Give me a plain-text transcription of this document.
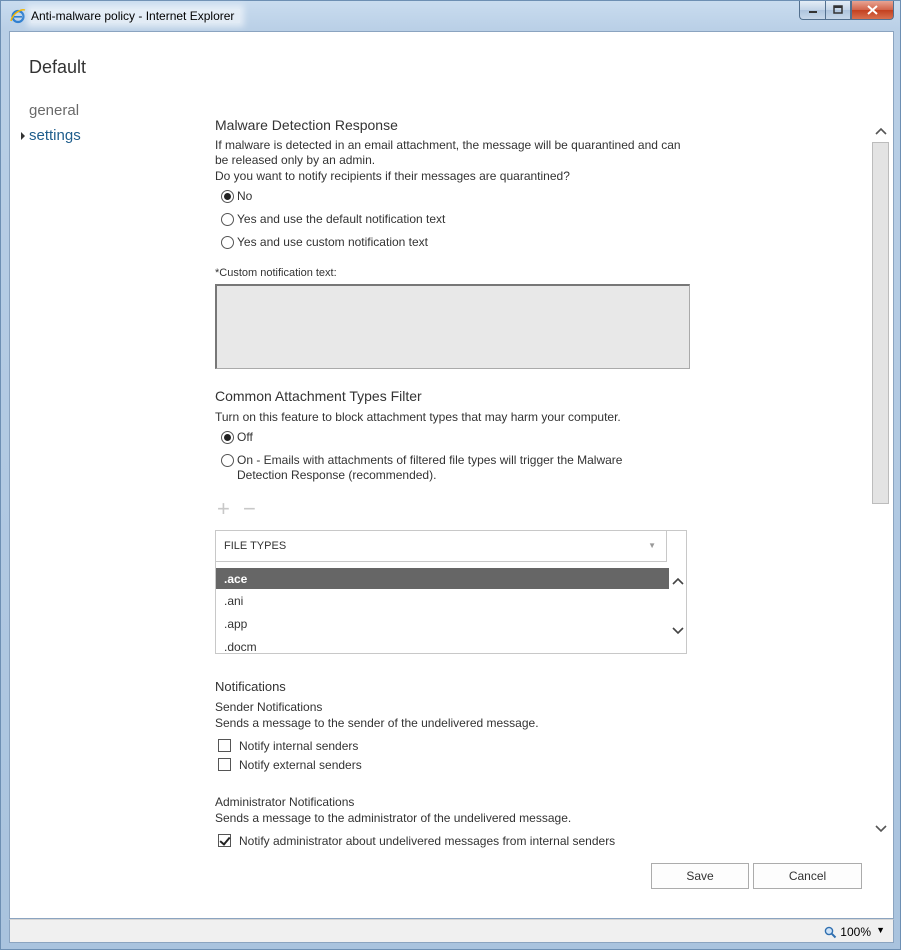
Anti-malware policy - Internet Explorer
Default
general
settings
Malware Detection Response
If malware is detected in an email attachment, the message will be quarantined and can
be released only by an admin.
Do you want to notify recipients if their messages are quarantined?
No
Yes and use the default notification text
Yes and use custom notification text
*Custom notification text:
Common Attachment Types Filter
Turn on this feature to block attachment types that may harm your computer.
Off
On - Emails with attachments of filtered file types will trigger the Malware
Detection Response (recommended).
+ −
FILE TYPES	▼
.ace
.ani
.app
.docm
Notifications
Sender Notifications
Sends a message to the sender of the undelivered message.
Notify internal senders
Notify external senders
Administrator Notifications
Sends a message to the administrator of the undelivered message.
Notify administrator about undelivered messages from internal senders
Save	Cancel
100% ▼
